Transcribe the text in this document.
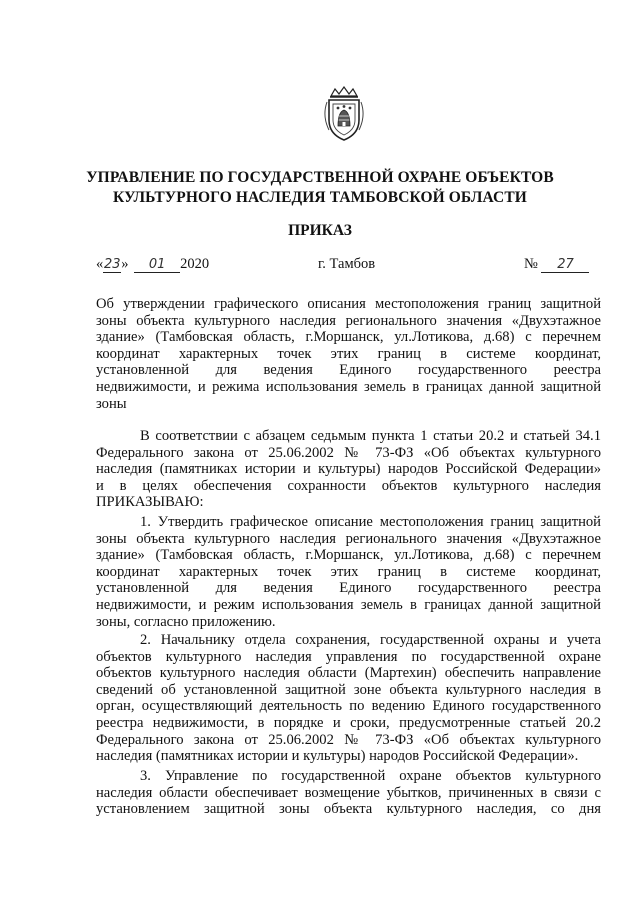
УПРАВЛЕНИЕ ПО ГОСУДАРСТВЕННОЙ ОХРАНЕ ОБЪЕКТОВ
КУЛЬТУРНОГО НАСЛЕДИЯ ТАМБОВСКОЙ ОБЛАСТИ
ПРИКАЗ
«23» 01 2020	г. Тамбов	№ 27
Об утверждении графического описания местоположения границ защитной
зоны объекта культурного наследия регионального значения «Двухэтажное
здание» (Тамбовская область, г.Моршанск, ул.Лотикова, д.68) с перечнем
координат характерных точек этих границ в системе координат,
установленной для ведения Единого государственного реестра
недвижимости, и режима использования земель в границах данной защитной
зоны
В соответствии с абзацем седьмым пункта 1 статьи 20.2 и статьей 34.1
Федерального закона от 25.06.2002 № 73-ФЗ «Об объектах культурного
наследия (памятниках истории и культуры) народов Российской Федерации»
и в целях обеспечения сохранности объектов культурного наследия
ПРИКАЗЫВАЮ:
1. Утвердить графическое описание местоположения границ защитной
зоны объекта культурного наследия регионального значения «Двухэтажное
здание» (Тамбовская область, г.Моршанск, ул.Лотикова, д.68) с перечнем
координат характерных точек этих границ в системе координат,
установленной для ведения Единого государственного реестра
недвижимости, и режим использования земель в границах данной защитной
зоны, согласно приложению.
2. Начальнику отдела сохранения, государственной охраны и учета
объектов культурного наследия управления по государственной охране
объектов культурного наследия области (Мартехин) обеспечить направление
сведений об установленной защитной зоне объекта культурного наследия в
орган, осуществляющий деятельность по ведению Единого государственного
реестра недвижимости, в порядке и сроки, предусмотренные статьей 20.2
Федерального закона от 25.06.2002 № 73-ФЗ «Об объектах культурного
наследия (памятниках истории и культуры) народов Российской Федерации».
3. Управление по государственной охране объектов культурного
наследия области обеспечивает возмещение убытков, причиненных в связи с
установлением защитной зоны объекта культурного наследия, со дня
